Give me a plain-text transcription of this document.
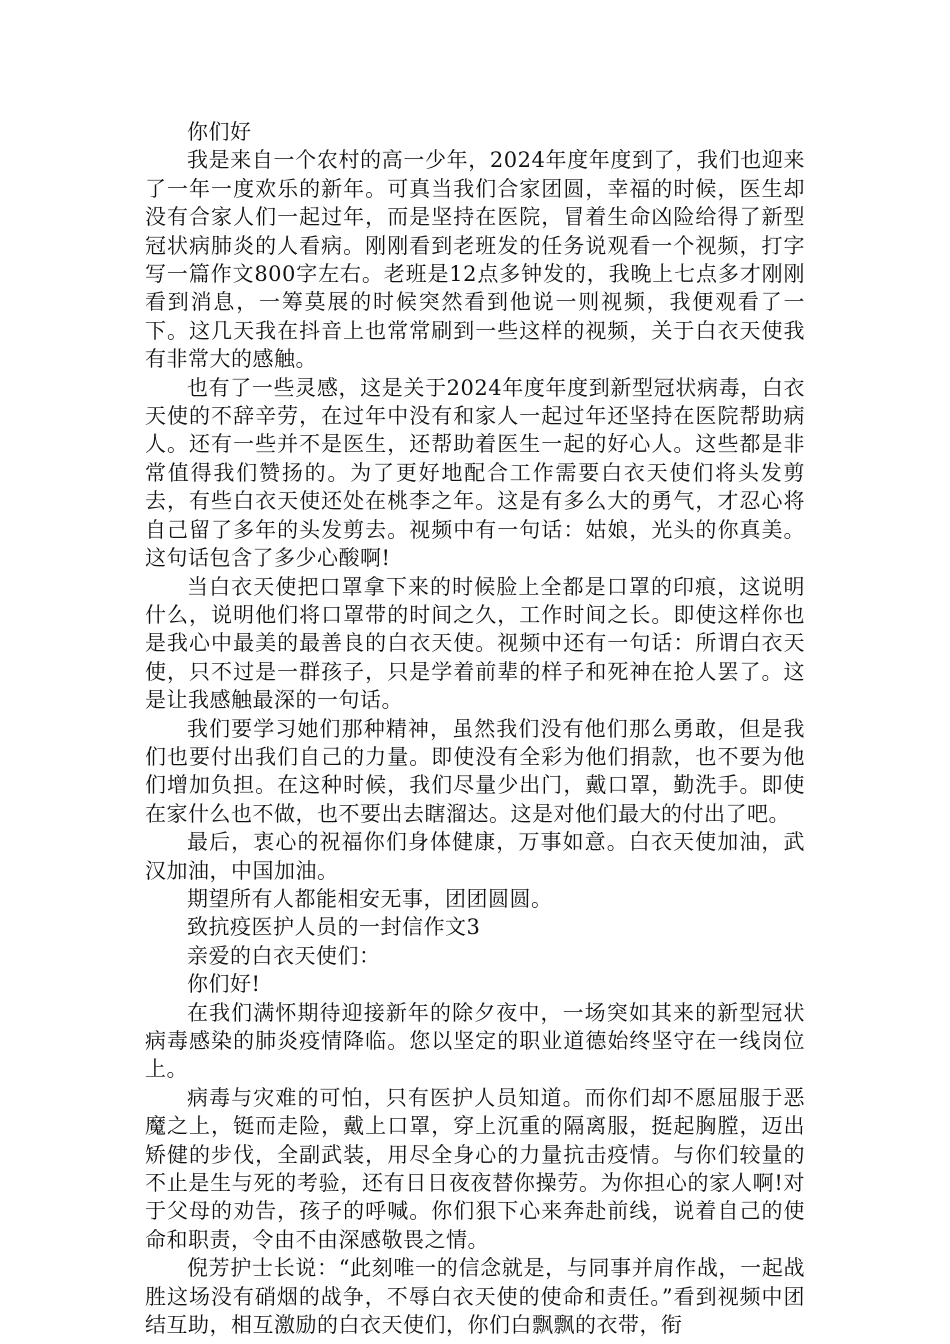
你们好

我是来自一个农村的高一少年，2024年度年度到了，我们也迎来了一年一度欢乐的新年。可真当我们合家团圆，幸福的时候，医生却没有合家人们一起过年，而是坚持在医院，冒着生命凶险给得了新型冠状病肺炎的人看病。刚刚看到老班发的任务说观看一个视频，打字写一篇作文800字左右。老班是12点多钟发的，我晚上七点多才刚刚看到消息，一筹莫展的时候突然看到他说一则视频，我便观看了一下。这几天我在抖音上也常常刷到一些这样的视频，关于白衣天使我有非常大的感触。

也有了一些灵感，这是关于2024年度年度到新型冠状病毒，白衣天使的不辞辛劳，在过年中没有和家人一起过年还坚持在医院帮助病人。还有一些并不是医生，还帮助着医生一起的好心人。这些都是非常值得我们赞扬的。为了更好地配合工作需要白衣天使们将头发剪去，有些白衣天使还处在桃李之年。这是有多么大的勇气，才忍心将自己留了多年的头发剪去。视频中有一句话：姑娘，光头的你真美。这句话包含了多少心酸啊!

当白衣天使把口罩拿下来的时候脸上全都是口罩的印痕，这说明什么，说明他们将口罩带的时间之久，工作时间之长。即使这样你也是我心中最美的最善良的白衣天使。视频中还有一句话：所谓白衣天使，只不过是一群孩子，只是学着前辈的样子和死神在抢人罢了。这是让我感触最深的一句话。

我们要学习她们那种精神，虽然我们没有他们那么勇敢，但是我们也要付出我们自己的力量。即使没有全彩为他们捐款，也不要为他们增加负担。在这种时候，我们尽量少出门，戴口罩，勤洗手。即使在家什么也不做，也不要出去瞎溜达。这是对他们最大的付出了吧。

最后，衷心的祝福你们身体健康，万事如意。白衣天使加油，武汉加油，中国加油。

期望所有人都能相安无事，团团圆圆。

致抗疫医护人员的一封信作文3

亲爱的白衣天使们：

你们好!

在我们满怀期待迎接新年的除夕夜中，一场突如其来的新型冠状病毒感染的肺炎疫情降临。您以坚定的职业道德始终坚守在一线岗位上。

病毒与灾难的可怕，只有医护人员知道。而你们却不愿屈服于恶魔之上，铤而走险，戴上口罩，穿上沉重的隔离服，挺起胸膛，迈出矫健的步伐，全副武装，用尽全身心的力量抗击疫情。与你们较量的不止是生与死的考验，还有日日夜夜替你操劳。为你担心的家人啊!对于父母的劝告，孩子的呼喊。你们狠下心来奔赴前线，说着自己的使命和职责，令由不由深感敬畏之情。

倪芳护士长说：“此刻唯一的信念就是，与同事并肩作战，一起战胜这场没有硝烟的战争，不辱白衣天使的使命和责任。”看到视频中团结互助，相互激励的白衣天使们，你们白飘飘的衣带，衔
